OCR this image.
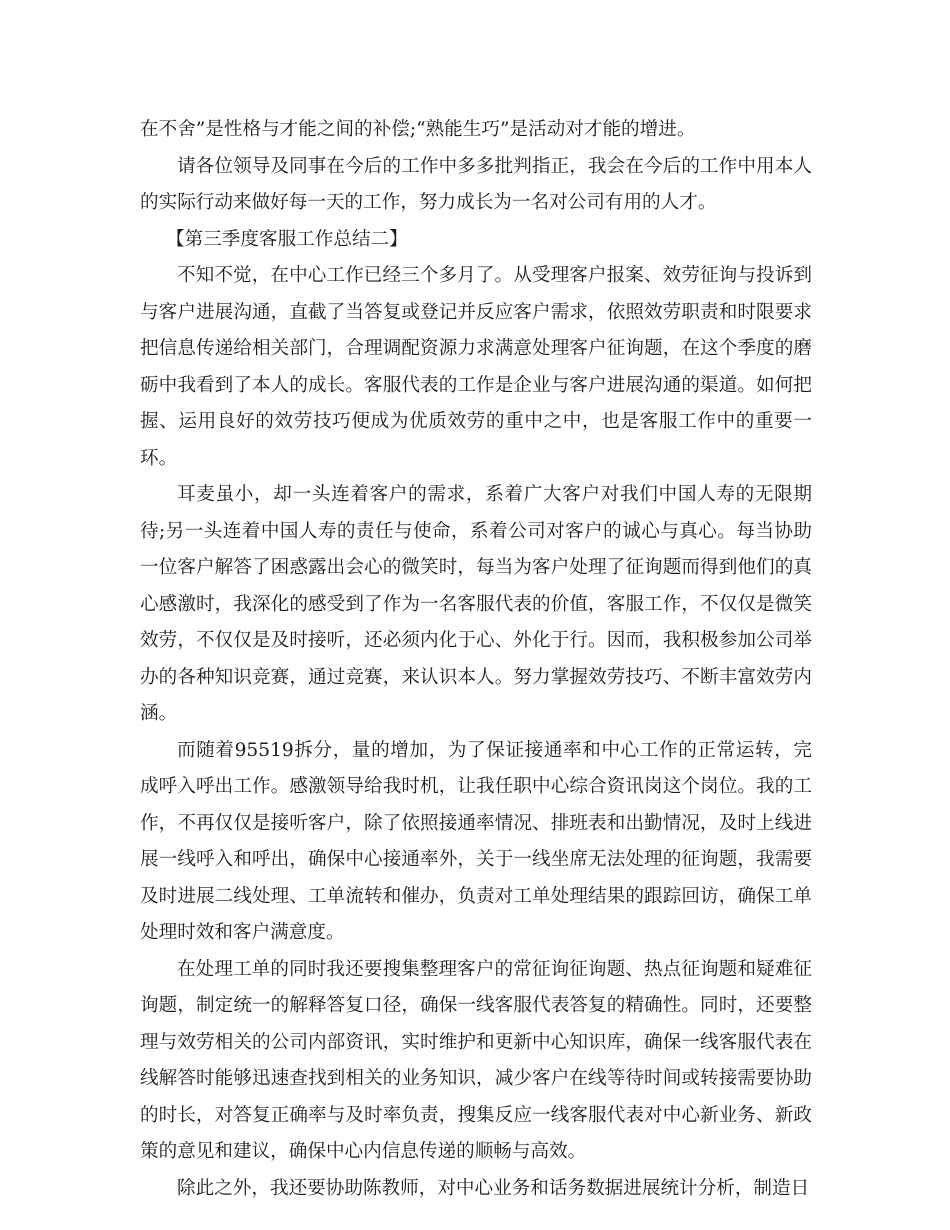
在不舍”是性格与才能之间的补偿;“熟能生巧”是活动对才能的增进。

请各位领导及同事在今后的工作中多多批判指正，我会在今后的工作中用本人的实际行动来做好每一天的工作，努力成长为一名对公司有用的人才。

【第三季度客服工作总结二】

不知不觉，在中心工作已经三个多月了。从受理客户报案、效劳征询与投诉到与客户进展沟通，直截了当答复或登记并反应客户需求，依照效劳职责和时限要求把信息传递给相关部门，合理调配资源力求满意处理客户征询题，在这个季度的磨砺中我看到了本人的成长。客服代表的工作是企业与客户进展沟通的渠道。如何把握、运用良好的效劳技巧便成为优质效劳的重中之中，也是客服工作中的重要一环。

耳麦虽小，却一头连着客户的需求，系着广大客户对我们中国人寿的无限期待;另一头连着中国人寿的责任与使命，系着公司对客户的诚心与真心。每当协助一位客户解答了困惑露出会心的微笑时，每当为客户处理了征询题而得到他们的真心感激时，我深化的感受到了作为一名客服代表的价值，客服工作，不仅仅是微笑效劳，不仅仅是及时接听，还必须内化于心、外化于行。因而，我积极参加公司举办的各种知识竞赛，通过竞赛，来认识本人。努力掌握效劳技巧、不断丰富效劳内涵。

而随着95519拆分，量的增加，为了保证接通率和中心工作的正常运转，完成呼入呼出工作。感激领导给我时机，让我任职中心综合资讯岗这个岗位。我的工作，不再仅仅是接听客户，除了依照接通率情况、排班表和出勤情况，及时上线进展一线呼入和呼出，确保中心接通率外，关于一线坐席无法处理的征询题，我需要及时进展二线处理、工单流转和催办，负责对工单处理结果的跟踪回访，确保工单处理时效和客户满意度。

在处理工单的同时我还要搜集整理客户的常征询征询题、热点征询题和疑难征询题，制定统一的解释答复口径，确保一线客服代表答复的精确性。同时，还要整理与效劳相关的公司内部资讯，实时维护和更新中心知识库，确保一线客服代表在线解答时能够迅速查找到相关的业务知识，减少客户在线等待时间或转接需要协助的时长，对答复正确率与及时率负责，搜集反应一线客服代表对中心新业务、新政策的意见和建议，确保中心内信息传递的顺畅与高效。

除此之外，我还要协助陈教师，对中心业务和话务数据进展统计分析，制造日
